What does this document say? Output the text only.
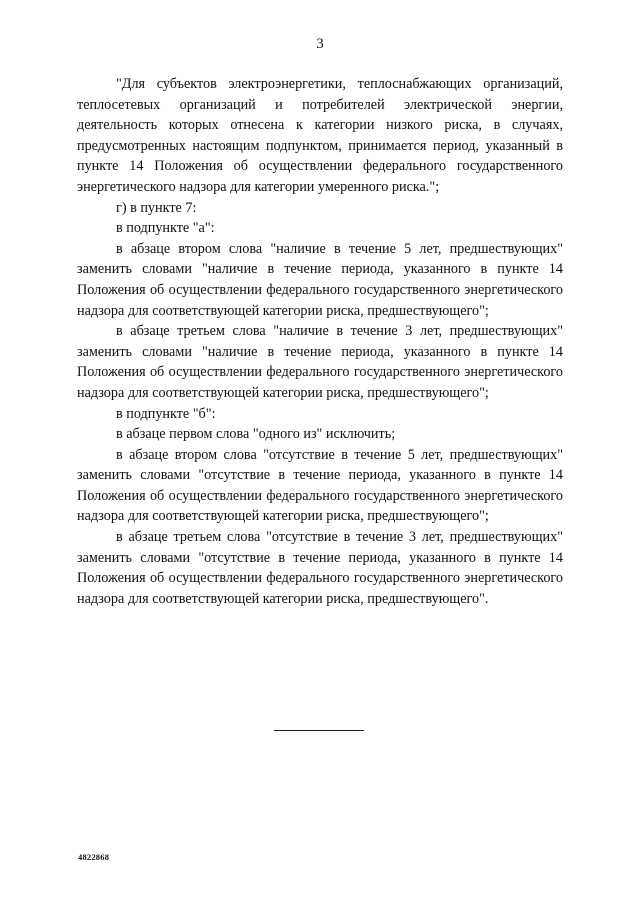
3

"Для субъектов электроэнергетики, теплоснабжающих организаций, теплосетевых организаций и потребителей электрической энергии, деятельность которых отнесена к категории низкого риска, в случаях, предусмотренных настоящим подпунктом, принимается период, указанный в пункте 14 Положения об осуществлении федерального государственного энергетического надзора для категории умеренного риска.";

г) в пункте 7:

в подпункте "а":

в абзаце втором слова "наличие в течение 5 лет, предшествующих" заменить словами "наличие в течение периода, указанного в пункте 14 Положения об осуществлении федерального государственного энергетического надзора для соответствующей категории риска, предшествующего";

в абзаце третьем слова "наличие в течение 3 лет, предшествующих" заменить словами "наличие в течение периода, указанного в пункте 14 Положения об осуществлении федерального государственного энергетического надзора для соответствующей категории риска, предшествующего";

в подпункте "б":

в абзаце первом слова "одного из" исключить;

в абзаце втором слова "отсутствие в течение 5 лет, предшествующих" заменить словами "отсутствие в течение периода, указанного в пункте 14 Положения об осуществлении федерального государственного энергетического надзора для соответствующей категории риска, предшествующего";

в абзаце третьем слова "отсутствие в течение 3 лет, предшествующих" заменить словами "отсутствие в течение периода, указанного в пункте 14 Положения об осуществлении федерального государственного энергетического надзора для соответствующей категории риска, предшествующего".

4822868
